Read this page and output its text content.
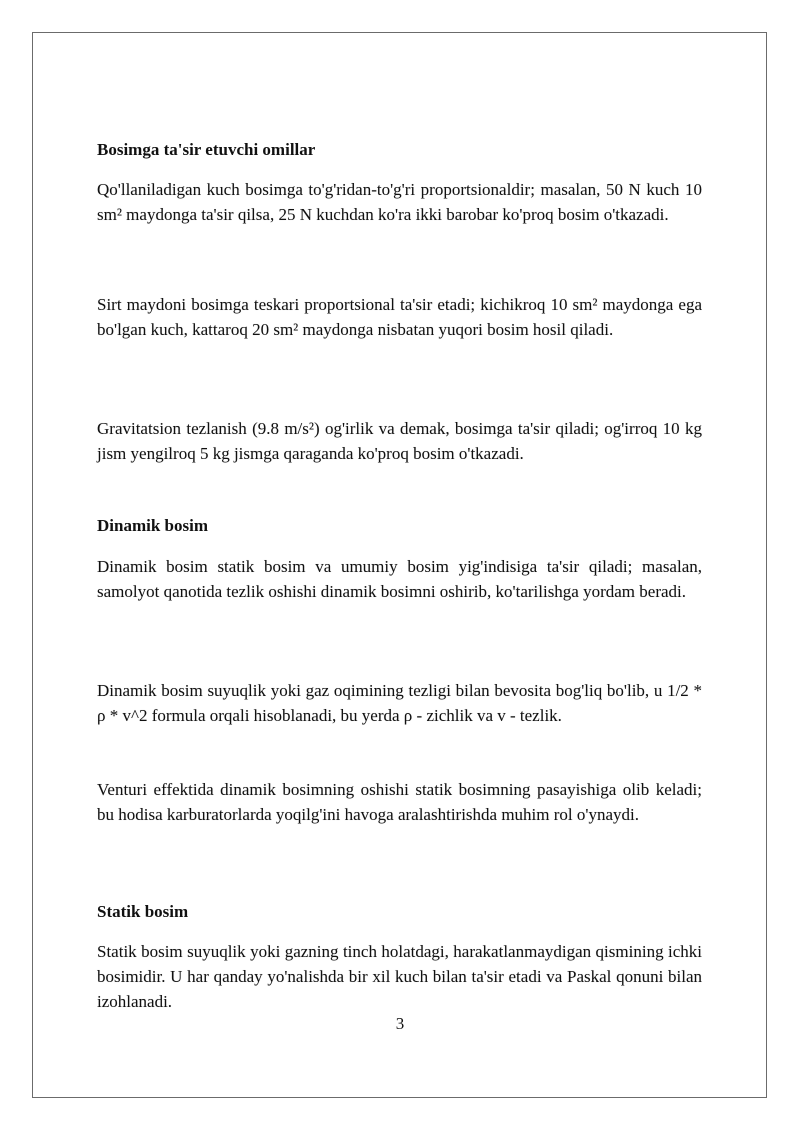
Bosimga ta'sir etuvchi omillar

Qo'llaniladigan kuch bosimga to'g'ridan-to'g'ri proportsionaldir; masalan, 50 N kuch 10 sm² maydonga ta'sir qilsa, 25 N kuchdan ko'ra ikki barobar ko'proq bosim o'tkazadi.

Sirt maydoni bosimga teskari proportsional ta'sir etadi; kichikroq 10 sm² maydonga ega bo'lgan kuch, kattaroq 20 sm² maydonga nisbatan yuqori bosim hosil qiladi.

Gravitatsion tezlanish (9.8 m/s²) og'irlik va demak, bosimga ta'sir qiladi; og'irroq 10 kg jism yengilroq 5 kg jismga qaraganda ko'proq bosim o'tkazadi.

Dinamik bosim

Dinamik bosim statik bosim va umumiy bosim yig'indisiga ta'sir qiladi; masalan, samolyot qanotida tezlik oshishi dinamik bosimni oshirib, ko'tarilishga yordam beradi.

Dinamik bosim suyuqlik yoki gaz oqimining tezligi bilan bevosita bog'liq bo'lib, u 1/2 * ρ * v^2 formula orqali hisoblanadi, bu yerda ρ - zichlik va v - tezlik.

Venturi effektida dinamik bosimning oshishi statik bosimning pasayishiga olib keladi; bu hodisa karburatorlarda yoqilg'ini havoga aralashtirishda muhim rol o'ynaydi.

Statik bosim

Statik bosim suyuqlik yoki gazning tinch holatdagi, harakatlanmaydigan qismining ichki bosimidir. U har qanday yo'nalishda bir xil kuch bilan ta'sir etadi va Paskal qonuni bilan izohlanadi.

3
